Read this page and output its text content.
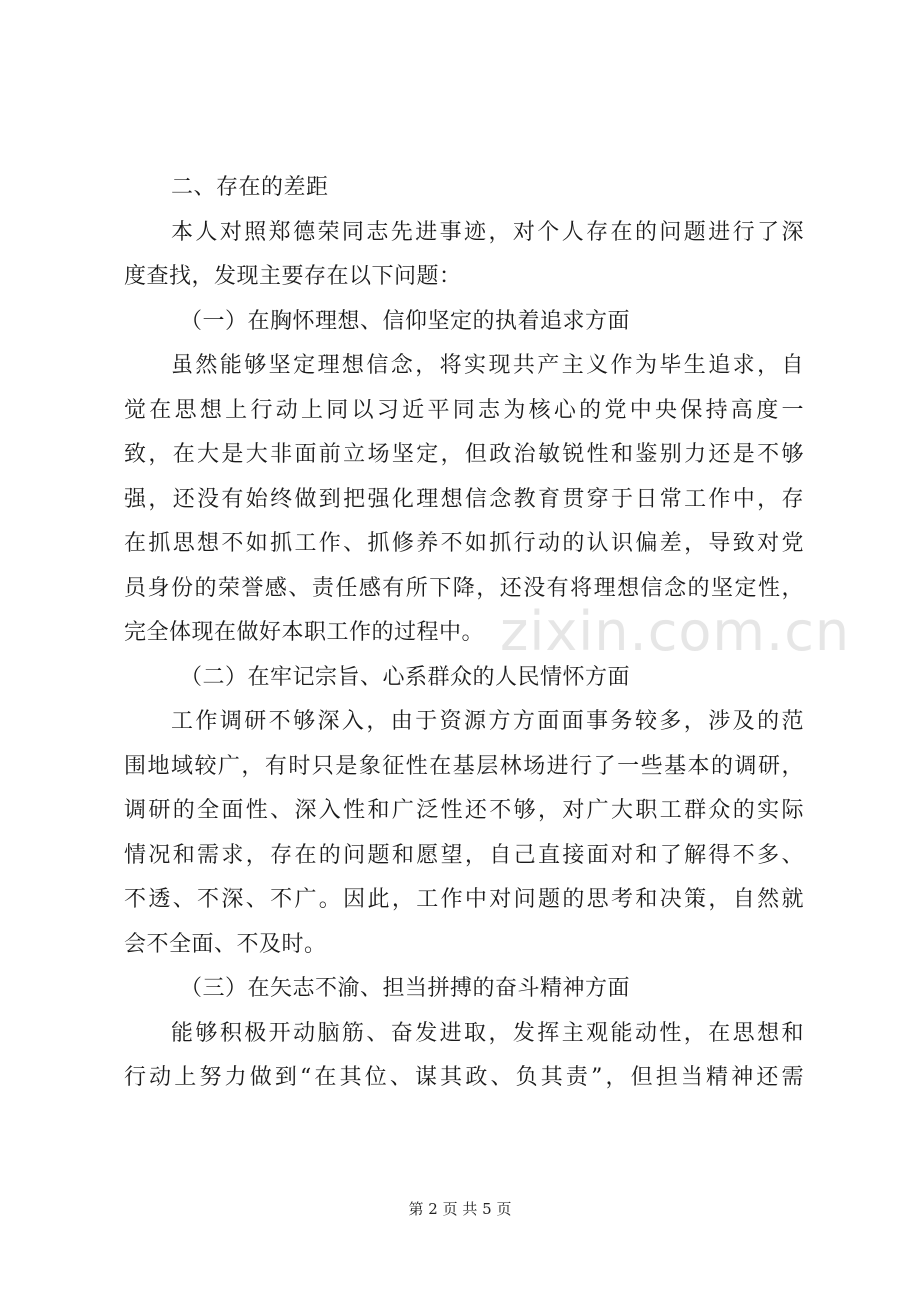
二、存在的差距
本人对照郑德荣同志先进事迹，对个人存在的问题进行了深
度查找，发现主要存在以下问题：
（一）在胸怀理想、信仰坚定的执着追求方面
虽然能够坚定理想信念，将实现共产主义作为毕生追求，自
觉在思想上行动上同以习近平同志为核心的党中央保持高度一
致，在大是大非面前立场坚定，但政治敏锐性和鉴别力还是不够
强，还没有始终做到把强化理想信念教育贯穿于日常工作中，存
在抓思想不如抓工作、抓修养不如抓行动的认识偏差，导致对党
员身份的荣誉感、责任感有所下降，还没有将理想信念的坚定性，
完全体现在做好本职工作的过程中。
（二）在牢记宗旨、心系群众的人民情怀方面
工作调研不够深入，由于资源方方面面事务较多，涉及的范
围地域较广，有时只是象征性在基层林场进行了一些基本的调研，
调研的全面性、深入性和广泛性还不够，对广大职工群众的实际
情况和需求，存在的问题和愿望，自己直接面对和了解得不多、
不透、不深、不广。因此，工作中对问题的思考和决策，自然就
会不全面、不及时。
（三）在矢志不渝、担当拼搏的奋斗精神方面
能够积极开动脑筋、奋发进取，发挥主观能动性，在思想和
行动上努力做到“在其位、谋其政、负其责”，但担当精神还需
zixin.com.cn
第 2 页 共 5 页
